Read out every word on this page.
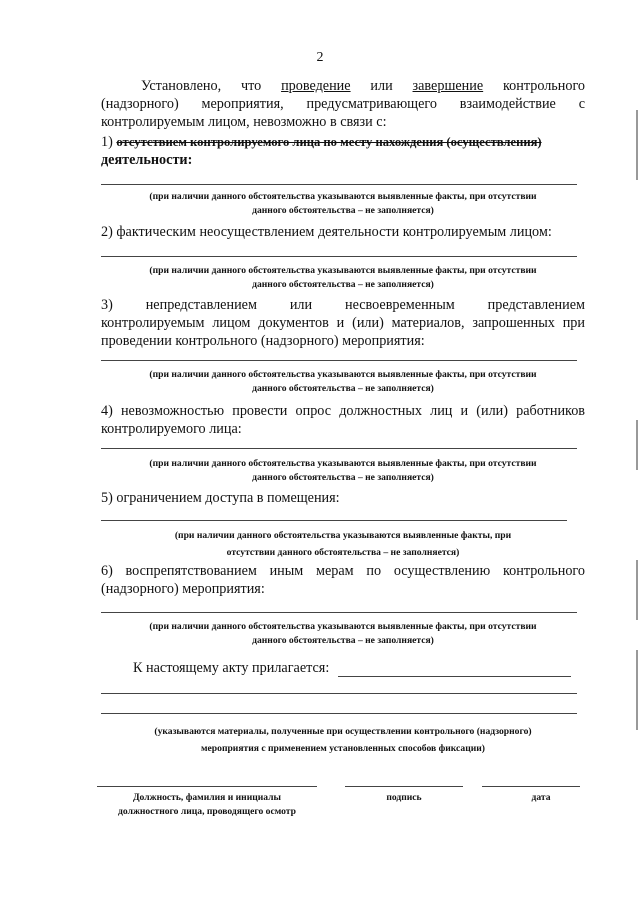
2
Установлено, что проведение или завершение контрольного
(надзорного)   мероприятия,   предусматривающего   взаимодействие   с
контролируемым лицом, невозможно в связи с:
1) отсутствием контролируемого лица по месту нахождения (осуществления)
деятельности:
(при наличии данного обстоятельства указываются выявленные факты, при отсутствии
данного обстоятельства – не заполняется)
2) фактическим неосуществлением деятельности контролируемым лицом:
(при наличии данного обстоятельства указываются выявленные факты, при отсутствии
данного обстоятельства – не заполняется)
3)    непредставлением    или    несвоевременным    представлением
контролируемым лицом документов и (или) материалов, запрошенных при
проведении контрольного (надзорного) мероприятия:
(при наличии данного обстоятельства указываются выявленные факты, при отсутствии
данного обстоятельства – не заполняется)
4) невозможностью провести опрос должностных лиц и (или) работников
контролируемого лица:
(при наличии данного обстоятельства указываются выявленные факты, при отсутствии
данного обстоятельства – не заполняется)
5) ограничением доступа в помещения:
(при наличии данного обстоятельства указываются выявленные факты, при
отсутствии данного обстоятельства – не заполняется)
6)  воспрепятствованием  иным  мерам  по  осуществлению  контрольного
(надзорного) мероприятия:
(при наличии данного обстоятельства указываются выявленные факты, при отсутствии
данного обстоятельства – не заполняется)
К настоящему акту прилагается:
(указываются материалы, полученные при осуществлении контрольного (надзорного)
мероприятия с применением установленных способов фиксации)
Должность, фамилия и инициалы
должностного лица, проводящего осмотр
подпись	дата
